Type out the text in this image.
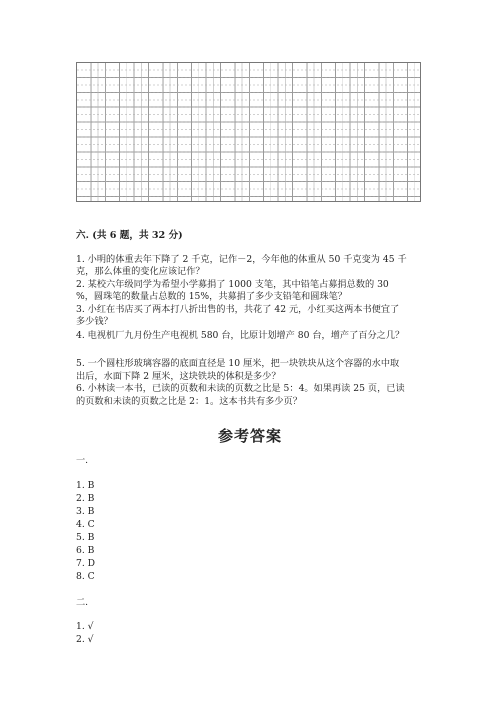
六. (共 6 题，共 32 分)
1. 小明的体重去年下降了 2 千克，记作－2，今年他的体重从 50 千克变为 45 千
克，那么体重的变化应该记作？
2. 某校六年级同学为希望小学募捐了 1000 支笔，其中铅笔占募捐总数的 30
%，圆珠笔的数量占总数的 15%，共募捐了多少支铅笔和圆珠笔？
3. 小红在书店买了两本打八折出售的书，共花了 42 元，小红买这两本书便宜了
多少钱？
4. 电视机厂九月份生产电视机 580 台，比原计划增产 80 台，增产了百分之几？
5. 一个圆柱形玻璃容器的底面直径是 10 厘米，把一块铁块从这个容器的水中取
出后，水面下降 2 厘米，这块铁块的体积是多少？
6. 小林读一本书，已读的页数和未读的页数之比是 5：4。如果再读 25 页，已读
的页数和未读的页数之比是 2：1。这本书共有多少页？
参考答案
一.
1. B
2. B
3. B
4. C
5. B
6. B
7. D
8. C
二.
1. √
2. √
